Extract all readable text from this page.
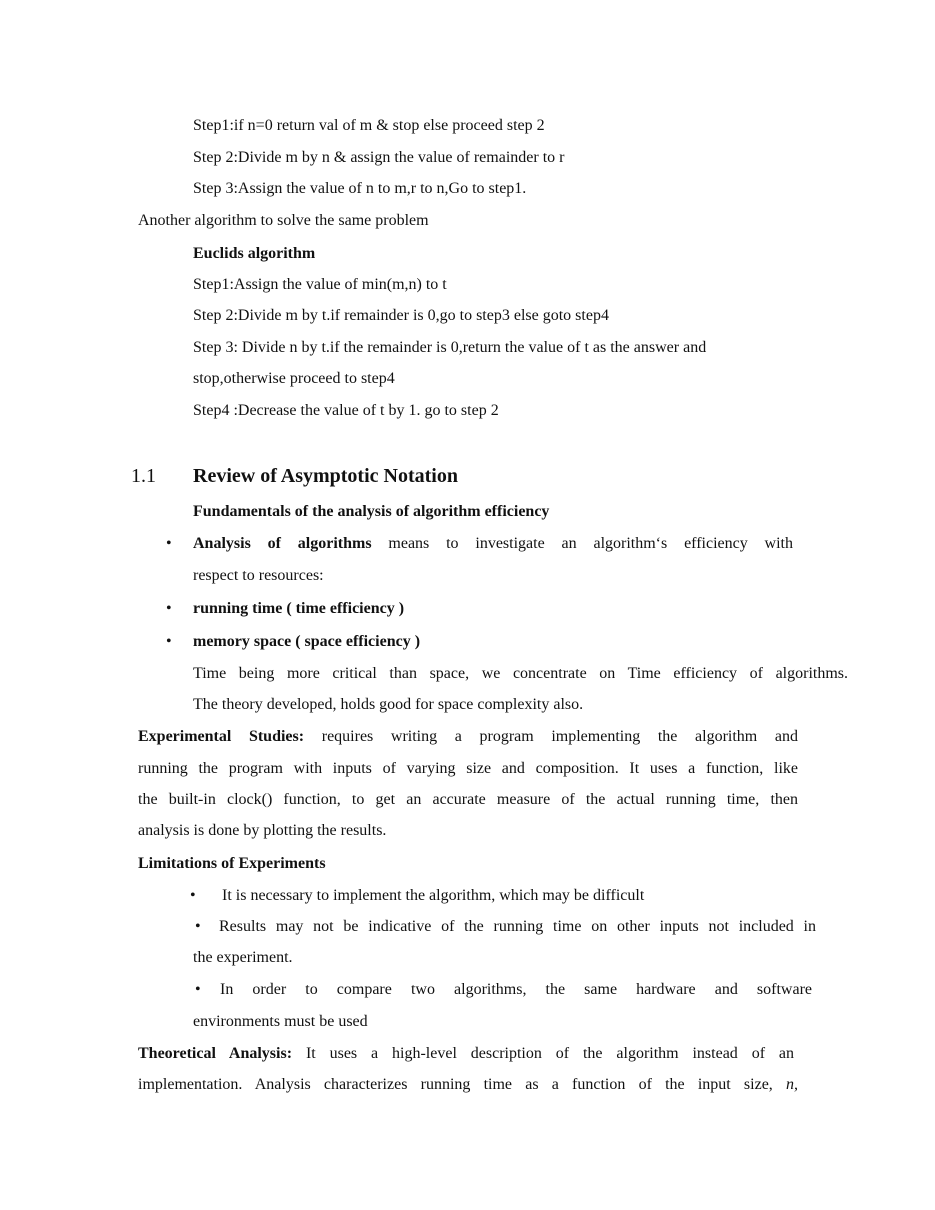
Step1:if n=0 return val of m & stop else proceed step 2
Step 2:Divide m by n & assign the value of remainder to r
Step 3:Assign the value of n to m,r to n,Go to step1.
Another algorithm to solve the same problem
Euclids algorithm
Step1:Assign the value of min(m,n) to t
Step 2:Divide m by t.if remainder is 0,go to step3 else goto step4
Step 3: Divide n by t.if the remainder is 0,return the value of t as the answer and
stop,otherwise proceed to step4
Step4 :Decrease the value of t by 1. go to step 2
1.1 Review of Asymptotic Notation
Fundamentals of the analysis of algorithm efficiency
• Analysis of algorithms means to investigate an algorithm‘s efficiency with
respect to resources:
• running time ( time efficiency )
• memory space ( space efficiency )
Time being more critical than space, we concentrate on Time efficiency of algorithms.
The theory developed, holds good for space complexity also.
Experimental Studies: requires writing a program implementing the algorithm and
running the program with inputs of varying size and composition. It uses a function, like
the built-in clock() function, to get an accurate measure of the actual running time, then
analysis is done by plotting the results.
Limitations of Experiments
• It is necessary to implement the algorithm, which may be difficult
• Results may not be indicative of the running time on other inputs not included in
the experiment.
• In order to compare two algorithms, the same hardware and software
environments must be used
Theoretical Analysis: It uses a high-level description of the algorithm instead of an
implementation. Analysis characterizes running time as a function of the input size, n,
